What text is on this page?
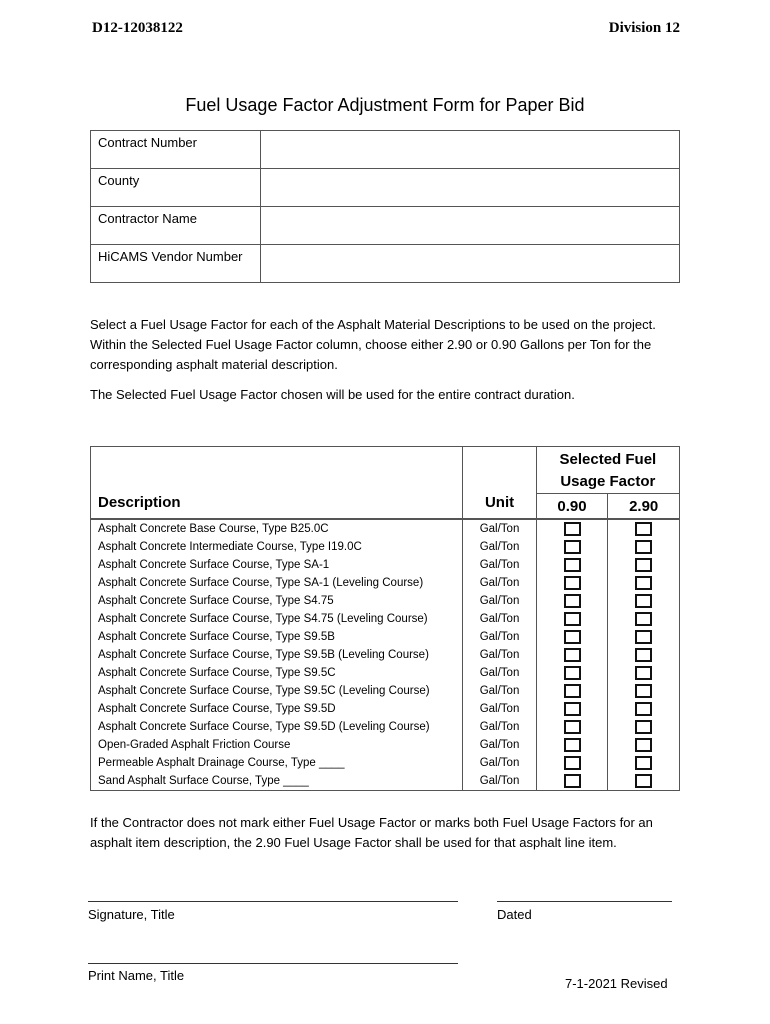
D12-12038122	Division 12
Fuel Usage Factor Adjustment Form for Paper Bid
Contract Number	
County	
Contractor Name	
HiCAMS Vendor Number	
Select a Fuel Usage Factor for each of the Asphalt Material Descriptions to be used on the project. Within the Selected Fuel Usage Factor column, choose either 2.90 or 0.90 Gallons per Ton for the corresponding asphalt material description.
The Selected Fuel Usage Factor chosen will be used for the entire contract duration.
Description	Unit	Selected Fuel Usage Factor	
		0.90	2.90
Asphalt Concrete Base Course, Type B25.0C	Gal/Ton		
Asphalt Concrete Intermediate Course, Type I19.0C	Gal/Ton		
Asphalt Concrete Surface Course, Type SA-1	Gal/Ton		
Asphalt Concrete Surface Course, Type SA-1 (Leveling Course)	Gal/Ton		
Asphalt Concrete Surface Course, Type S4.75	Gal/Ton		
Asphalt Concrete Surface Course, Type S4.75 (Leveling Course)	Gal/Ton		
Asphalt Concrete Surface Course, Type S9.5B	Gal/Ton		
Asphalt Concrete Surface Course, Type S9.5B (Leveling Course)	Gal/Ton		
Asphalt Concrete Surface Course, Type S9.5C	Gal/Ton		
Asphalt Concrete Surface Course, Type S9.5C (Leveling Course)	Gal/Ton		
Asphalt Concrete Surface Course, Type S9.5D	Gal/Ton		
Asphalt Concrete Surface Course, Type S9.5D (Leveling Course)	Gal/Ton		
Open-Graded Asphalt Friction Course	Gal/Ton		
Permeable Asphalt Drainage Course, Type ____	Gal/Ton		
Sand Asphalt Surface Course, Type ____	Gal/Ton		
If the Contractor does not mark either Fuel Usage Factor or marks both Fuel Usage Factors for an asphalt item description, the 2.90 Fuel Usage Factor shall be used for that asphalt line item.
Signature, Title	Dated
Print Name, Title
7-1-2021 Revised
